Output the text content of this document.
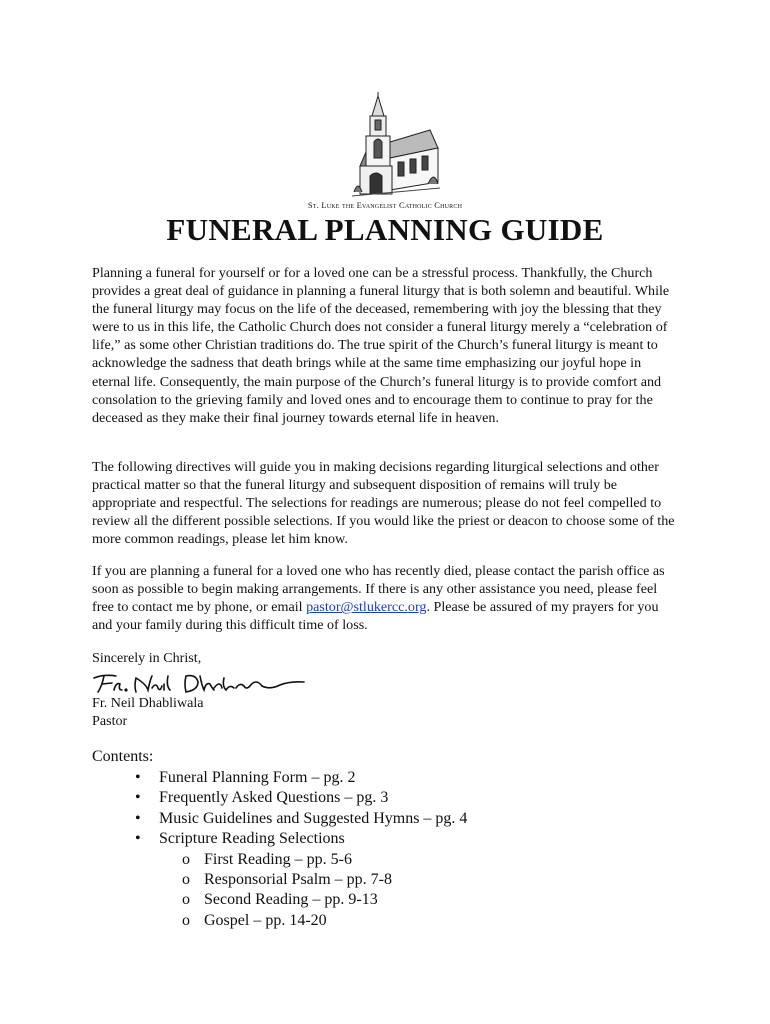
St. Luke the Evangelist Catholic Church
FUNERAL PLANNING GUIDE

Planning a funeral for yourself or for a loved one can be a stressful process. Thankfully, the Church provides a great deal of guidance in planning a funeral liturgy that is both solemn and beautiful. While the funeral liturgy may focus on the life of the deceased, remembering with joy the blessing that they were to us in this life, the Catholic Church does not consider a funeral liturgy merely a “celebration of life,” as some other Christian traditions do. The true spirit of the Church’s funeral liturgy is meant to acknowledge the sadness that death brings while at the same time emphasizing our joyful hope in eternal life. Consequently, the main purpose of the Church’s funeral liturgy is to provide comfort and consolation to the grieving family and loved ones and to encourage them to continue to pray for the deceased as they make their final journey towards eternal life in heaven.

The following directives will guide you in making decisions regarding liturgical selections and other practical matter so that the funeral liturgy and subsequent disposition of remains will truly be appropriate and respectful. The selections for readings are numerous; please do not feel compelled to review all the different possible selections. If you would like the priest or deacon to choose some of the more common readings, please let him know.

If you are planning a funeral for a loved one who has recently died, please contact the parish office as soon as possible to begin making arrangements. If there is any other assistance you need, please feel free to contact me by phone, or email pastor@stlukercc.org. Please be assured of my prayers for you and your family during this difficult time of loss.

Sincerely in Christ,
Fr. Neil Dhabliwala
Pastor
Contents:
• Funeral Planning Form – pg. 2
• Frequently Asked Questions – pg. 3
• Music Guidelines and Suggested Hymns – pg. 4
• Scripture Reading Selections
o First Reading – pp. 5-6
o Responsorial Psalm – pp. 7-8
o Second Reading – pp. 9-13
o Gospel – pp. 14-20
